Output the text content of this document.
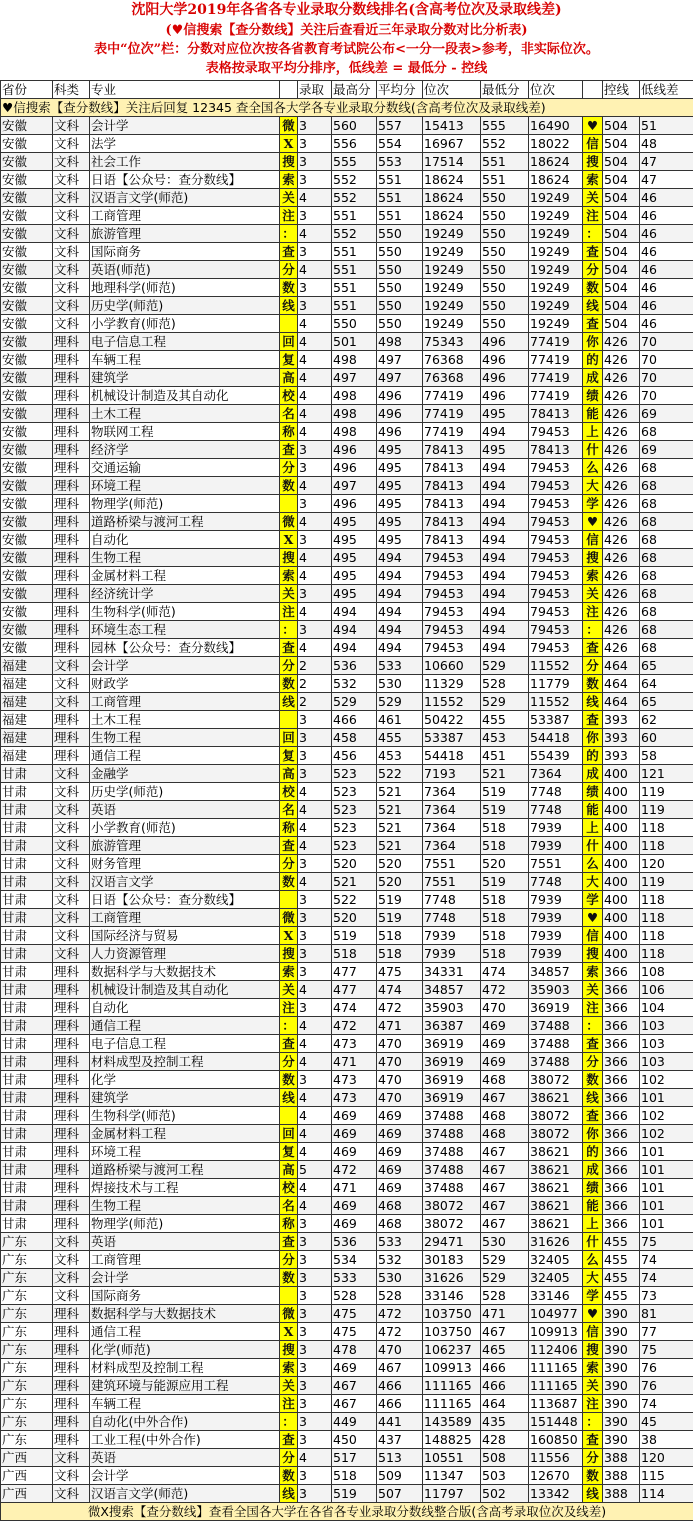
沈阳大学2019年各省各专业录取分数线排名(含高考位次及录取线差)
(♥信搜索【查分数线】关注后查看近三年录取分数对比分析表)
表中“位次”栏：分数对应位次按各省教育考试院公布<一分一段表>参考，非实际位次。
表格按录取平均分排序，低线差 = 最低分 - 控线
省份	科类	专业		录取	最高分	平均分	位次	最低分	位次		控线	低线差
♥信搜索【查分数线】关注后回复 12345 查全国各大学各专业录取分数线(含高考位次及录取线差)												
安徽	文科	会计学	微	3	560	557	15413	555	16490	♥	504	51
安徽	文科	法学	X	3	556	554	16967	552	18022	信	504	48
安徽	文科	社会工作	搜	3	555	553	17514	551	18624	搜	504	47
安徽	文科	日语【公众号：查分数线】	索	3	552	551	18624	551	18624	索	504	47
安徽	文科	汉语言文学(师范)	关	4	552	551	18624	550	19249	关	504	46
安徽	文科	工商管理	注	3	551	551	18624	550	19249	注	504	46
安徽	文科	旅游管理	：	4	552	550	19249	550	19249	：	504	46
安徽	文科	国际商务	查	3	551	550	19249	550	19249	查	504	46
安徽	文科	英语(师范)	分	4	551	550	19249	550	19249	分	504	46
安徽	文科	地理科学(师范)	数	3	551	550	19249	550	19249	数	504	46
安徽	文科	历史学(师范)	线	3	551	550	19249	550	19249	线	504	46
安徽	文科	小学教育(师范)		4	550	550	19249	550	19249	查	504	46
安徽	理科	电子信息工程	回	4	501	498	75343	496	77419	你	426	70
安徽	理科	车辆工程	复	4	498	497	76368	496	77419	的	426	70
安徽	理科	建筑学	高	4	497	497	76368	496	77419	成	426	70
安徽	理科	机械设计制造及其自动化	校	4	498	496	77419	496	77419	绩	426	70
安徽	理科	土木工程	名	4	498	496	77419	495	78413	能	426	69
安徽	理科	物联网工程	称	4	498	496	77419	494	79453	上	426	68
安徽	理科	经济学	查	3	496	495	78413	495	78413	什	426	69
安徽	理科	交通运输	分	3	496	495	78413	494	79453	么	426	68
安徽	理科	环境工程	数	4	497	495	78413	494	79453	大	426	68
安徽	理科	物理学(师范)		3	496	495	78413	494	79453	学	426	68
安徽	理科	道路桥梁与渡河工程	微	4	495	495	78413	494	79453	♥	426	68
安徽	理科	自动化	X	3	495	495	78413	494	79453	信	426	68
安徽	理科	生物工程	搜	4	495	494	79453	494	79453	搜	426	68
安徽	理科	金属材料工程	索	4	495	494	79453	494	79453	索	426	68
安徽	理科	经济统计学	关	3	495	494	79453	494	79453	关	426	68
安徽	理科	生物科学(师范)	注	4	494	494	79453	494	79453	注	426	68
安徽	理科	环境生态工程	：	3	494	494	79453	494	79453	：	426	68
安徽	理科	园林【公众号：查分数线】	查	4	494	494	79453	494	79453	查	426	68
福建	文科	会计学	分	2	536	533	10660	529	11552	分	464	65
福建	文科	财政学	数	2	532	530	11329	528	11779	数	464	64
福建	文科	工商管理	线	2	529	529	11552	529	11552	线	464	65
福建	理科	土木工程		3	466	461	50422	455	53387	查	393	62
福建	理科	生物工程	回	3	458	455	53387	453	54418	你	393	60
福建	理科	通信工程	复	3	456	453	54418	451	55439	的	393	58
甘肃	文科	金融学	高	3	523	522	7193	521	7364	成	400	121
甘肃	文科	历史学(师范)	校	4	523	521	7364	519	7748	绩	400	119
甘肃	文科	英语	名	4	523	521	7364	519	7748	能	400	119
甘肃	文科	小学教育(师范)	称	4	523	521	7364	518	7939	上	400	118
甘肃	文科	旅游管理	查	4	523	521	7364	518	7939	什	400	118
甘肃	文科	财务管理	分	3	520	520	7551	520	7551	么	400	120
甘肃	文科	汉语言文学	数	4	521	520	7551	519	7748	大	400	119
甘肃	文科	日语【公众号：查分数线】		3	522	519	7748	518	7939	学	400	118
甘肃	文科	工商管理	微	3	520	519	7748	518	7939	♥	400	118
甘肃	文科	国际经济与贸易	X	3	519	518	7939	518	7939	信	400	118
甘肃	文科	人力资源管理	搜	3	518	518	7939	518	7939	搜	400	118
甘肃	理科	数据科学与大数据技术	索	3	477	475	34331	474	34857	索	366	108
甘肃	理科	机械设计制造及其自动化	关	4	477	474	34857	472	35903	关	366	106
甘肃	理科	自动化	注	3	474	472	35903	470	36919	注	366	104
甘肃	理科	通信工程	：	4	472	471	36387	469	37488	：	366	103
甘肃	理科	电子信息工程	查	4	473	470	36919	469	37488	查	366	103
甘肃	理科	材料成型及控制工程	分	4	471	470	36919	469	37488	分	366	103
甘肃	理科	化学	数	3	473	470	36919	468	38072	数	366	102
甘肃	理科	建筑学	线	4	473	470	36919	467	38621	线	366	101
甘肃	理科	生物科学(师范)		4	469	469	37488	468	38072	查	366	102
甘肃	理科	金属材料工程	回	4	469	469	37488	468	38072	你	366	102
甘肃	理科	环境工程	复	4	469	469	37488	467	38621	的	366	101
甘肃	理科	道路桥梁与渡河工程	高	5	472	469	37488	467	38621	成	366	101
甘肃	理科	焊接技术与工程	校	4	471	469	37488	467	38621	绩	366	101
甘肃	理科	生物工程	名	4	469	468	38072	467	38621	能	366	101
甘肃	理科	物理学(师范)	称	3	469	468	38072	467	38621	上	366	101
广东	文科	英语	查	3	536	533	29471	530	31626	什	455	75
广东	文科	工商管理	分	3	534	532	30183	529	32405	么	455	74
广东	文科	会计学	数	3	533	530	31626	529	32405	大	455	74
广东	文科	国际商务		3	528	528	33146	528	33146	学	455	73
广东	理科	数据科学与大数据技术	微	3	475	472	103750	471	104977	♥	390	81
广东	理科	通信工程	X	3	475	472	103750	467	109913	信	390	77
广东	理科	化学(师范)	搜	3	478	470	106237	465	112406	搜	390	75
广东	理科	材料成型及控制工程	索	3	469	467	109913	466	111165	索	390	76
广东	理科	建筑环境与能源应用工程	关	3	467	466	111165	466	111165	关	390	76
广东	理科	车辆工程	注	3	467	466	111165	464	113687	注	390	74
广东	理科	自动化(中外合作)	：	3	449	441	143589	435	151448	：	390	45
广东	理科	工业工程(中外合作)	查	3	450	437	148825	428	160850	查	390	38
广西	文科	英语	分	4	517	513	10551	508	11556	分	388	120
广西	文科	会计学	数	3	518	509	11347	503	12670	数	388	115
广西	文科	汉语言文学(师范)	线	3	519	507	11797	502	13342	线	388	114
微X搜索【查分数线】查看全国各大学在各省各专业录取分数线整合版(含高考录取位次及线差)												
